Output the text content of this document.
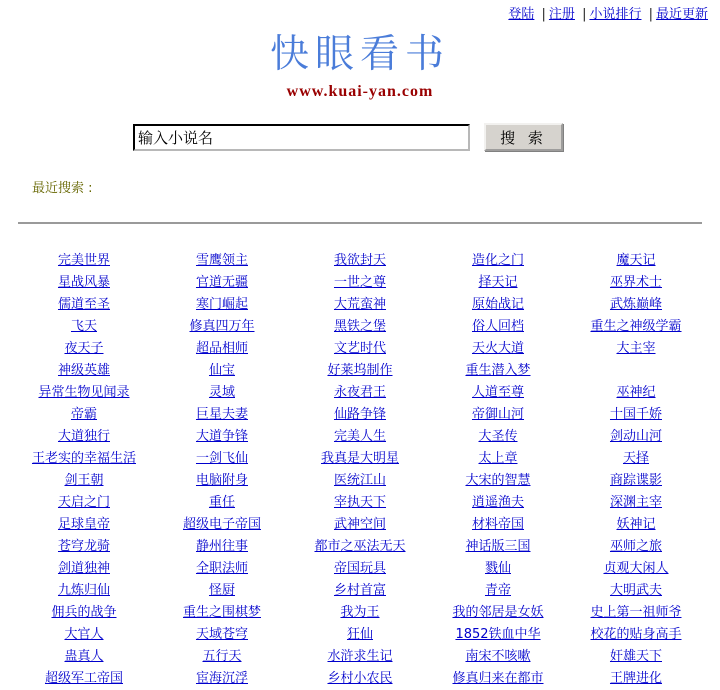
登陆 | 注册 | 小说排行 | 最近更新
快眼看书
www.kuai-yan.com
输入小说名
搜 索
最近搜索 :
完美世界	雪鹰领主	我欲封天	造化之门	魔天记
星战风暴	官道无疆	一世之尊	择天记	巫界术士
儒道至圣	寒门崛起	大荒蛮神	原始战记	武炼巅峰
飞天	修真四万年	黑铁之堡	俗人回档	重生之神级学霸
夜天子	超品相师	文艺时代	天火大道	大主宰
神级英雄	仙宝	好莱坞制作	重生潜入梦
异常生物见闻录	灵域	永夜君王	人道至尊	巫神纪
帝霸	巨星夫妻	仙路争锋	帝御山河	十国千娇
大道独行	大道争锋	完美人生	大圣传	剑动山河
王老实的幸福生活	一剑飞仙	我真是大明星	太上章	天择
剑王朝	电脑附身	医统江山	大宋的智慧	商踪谍影
天启之门	重任	宰执天下	逍遥渔夫	深渊主宰
足球皇帝	超级电子帝国	武神空间	材料帝国	妖神记
苍穹龙骑	静州往事	都市之巫法无天	神话版三国	巫师之旅
剑道独神	全职法师	帝国玩具	戮仙	贞观大闲人
九炼归仙	怪厨	乡村首富	青帝	大明武夫
佣兵的战争	重生之围棋梦	我为王	我的邻居是女妖	史上第一祖师爷
大官人	天域苍穹	狂仙	1852铁血中华	校花的贴身高手
蛊真人	五行天	水浒求生记	南宋不咳嗽	奸雄天下
超级军工帝国	宦海沉浮	乡村小农民	修真归来在都市	王牌进化
